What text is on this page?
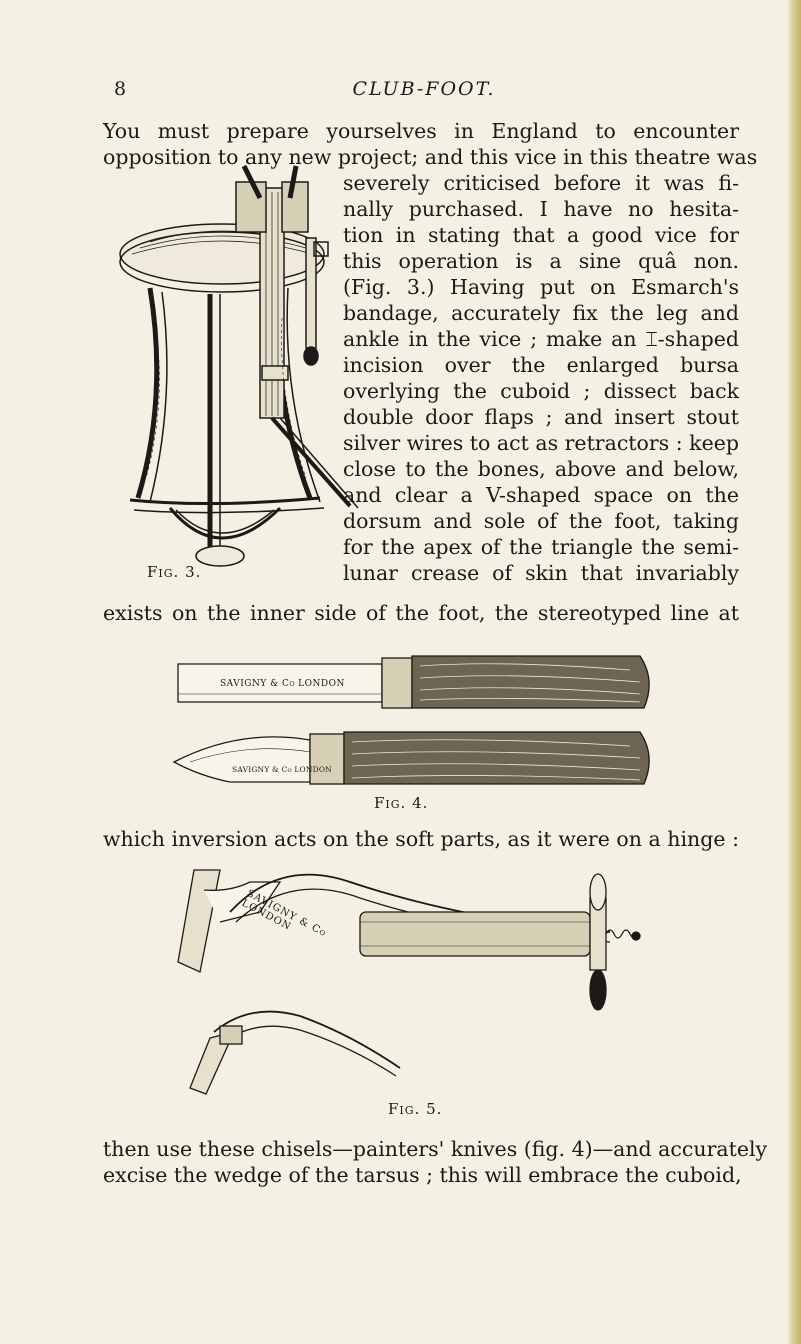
8	CLUB-FOOT.
You must prepare yourselves in England to encounter
opposition to any new project; and this vice in this theatre was
severely criticised before it was fi-
nally purchased. I have no hesita-
tion in stating that a good vice for
this operation is a sine quâ non.
(Fig. 3.) Having put on Esmarch's
bandage, accurately fix the leg and
ankle in the vice ; make an ⌶-shaped
incision over the enlarged bursa
overlying the cuboid ; dissect back
double door flaps ; and insert stout
silver wires to act as retractors : keep
close to the bones, above and below,
and clear a V-shaped space on the
dorsum and sole of the foot, taking
for the apex of the triangle the semi-
lunar crease of skin that invariably
Fig. 3.
exists on the inner side of the foot, the stereotyped line at
SAVIGNY & Co LONDON
SAVIGNY & Co LONDON
Fig. 4.
which inversion acts on the soft parts, as it were on a hinge :
SAVIGNY & Co LONDON
Fig. 5.
then use these chisels—painters' knives (fig. 4)—and accurately
excise the wedge of the tarsus ; this will embrace the cuboid,
